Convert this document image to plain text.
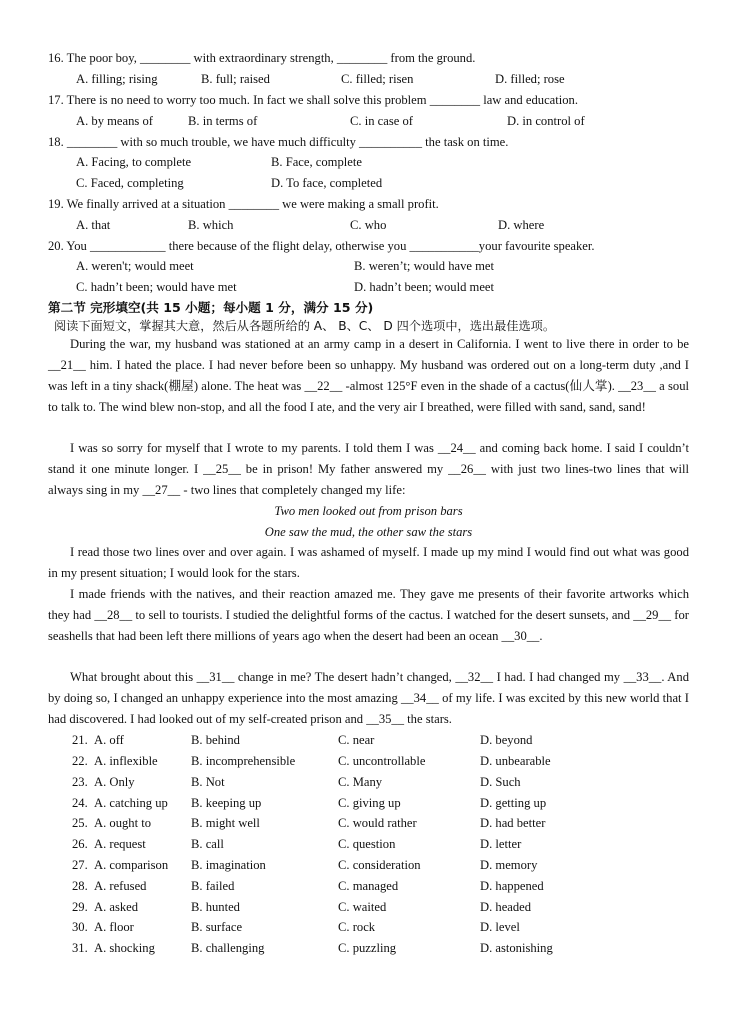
16. The poor boy, ________ with extraordinary strength, ________ from the ground.
A. filling; rising	B. full; raised	C. filled; risen	D. filled; rose
17. There is no need to worry too much. In fact we shall solve this problem ________ law and education.
A. by means of	B. in terms of	C. in case of	D. in control of
18. ________ with so much trouble, we have much difficulty __________ the task on time.
A. Facing, to complete	B. Face, complete
C. Faced, completing	D. To face, completed
19. We finally arrived at a situation ________ we were making a small profit.
A. that	B. which	C. who	D. where
20. You ____________ there because of the flight delay, otherwise you ___________your favourite speaker.
A. weren't; would meet	B. weren’t; would have met
C. hadn’t been; would have met	D. hadn’t been; would meet
第二节 完形填空(共 15 小题；每小题 1 分，满分 15 分)
阅读下面短文，掌握其大意，然后从各题所给的 A、 B、C、 D 四个选项中，选出最佳选项。
During the war, my husband was stationed at an army camp in a desert in California. I went to live there in order to be __21__ him. I hated the place. I had never before been so unhappy. My husband was ordered out on a long-term duty ,and I was left in a tiny shack(棚屋) alone. The heat was __22__ -almost 125°F even in the shade of a cactus(仙人掌). __23__ a soul to talk to. The wind blew non-stop, and all the food I ate, and the very air I breathed, were filled with sand, sand, sand!
I was so sorry for myself that I wrote to my parents. I told them I was __24__ and coming back home. I said I couldn’t stand it one minute longer. I __25__ be in prison! My father answered my __26__ with just two lines-two lines that will always sing in my __27__ - two lines that completely changed my life:
Two men looked out from prison bars
One saw the mud, the other saw the stars
I read those two lines over and over again. I was ashamed of myself. I made up my mind I would find out what was good in my present situation; I would look for the stars.
I made friends with the natives, and their reaction amazed me. They gave me presents of their favorite artworks which they had __28__ to sell to tourists. I studied the delightful forms of the cactus. I watched for the desert sunsets, and __29__ for seashells that had been left there millions of years ago when the desert had been an ocean __30__.
What brought about this __31__ change in me? The desert hadn’t changed, __32__ I had. I had changed my __33__. And by doing so, I changed an unhappy experience into the most amazing __34__ of my life. I was excited by this new world that I had discovered. I had looked out of my self-created prison and __35__ the stars.
21. A. off	B. behind	C. near	D. beyond
22. A. inflexible	B. incomprehensible	C. uncontrollable	D. unbearable
23. A. Only	B. Not	C. Many	D. Such
24. A. catching up B. keeping up	C. giving up	D. getting up
25. A. ought to	B. might well	C. would rather	D. had better
26. A. request	B. call	C. question	D. letter
27. A. comparison B. imagination	C. consideration	D. memory
28. A. refused	B. failed	C. managed	D. happened
29. A. asked	B. hunted	C. waited	D. headed
30. A. floor	B. surface	C. rock	D. level
31. A. shocking	B. challenging	C. puzzling	D. astonishing
